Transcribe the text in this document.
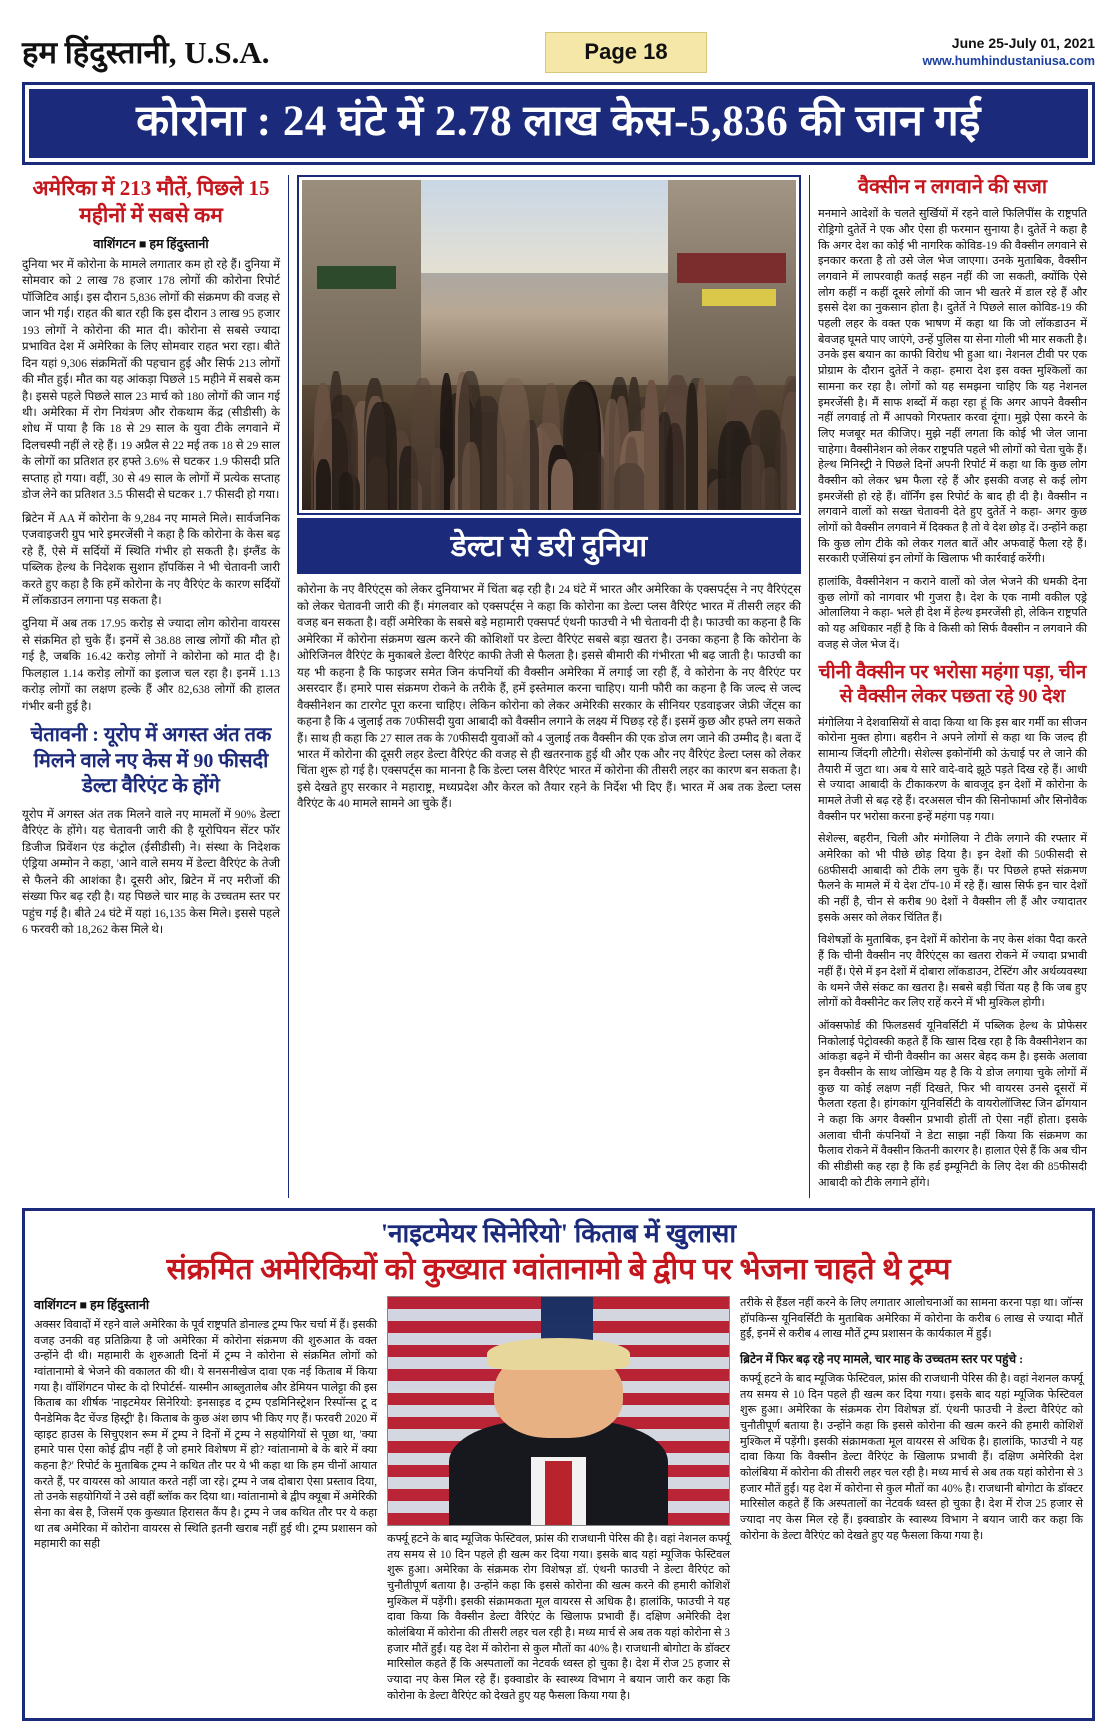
हम हिंदुस्तानी, U.S.A.	Page 18	June 25-July 01, 2021
www.humhindustaniusa.com
कोरोना : 24 घंटे में 2.78 लाख केस-5,836 की जान गई
अमेरिका में 213 मौतें, पिछले 15 महीनों में सबसे कम
वाशिंगटन ■ हम हिंदुस्तानी

दुनिया भर में कोरोना के मामले लगातार कम हो रहे हैं। दुनिया में सोमवार को 2 लाख 78 हजार 178 लोगों की कोरोना रिपोर्ट पॉजिटिव आई। इस दौरान 5,836 लोगों की संक्रमण की वजह से जान भी गई। राहत की बात रही कि इस दौरान 3 लाख 95 हजार 193 लोगों ने कोरोना की मात दी। कोरोना से सबसे ज्यादा प्रभावित देश में अमेरिका के लिए सोमवार राहत भरा रहा। बीते दिन यहां 9,306 संक्रमितों की पहचान हुई और सिर्फ 213 लोगों की मौत हुई। मौत का यह आंकड़ा पिछले 15 महीने में सबसे कम है। इससे पहले पिछले साल 23 मार्च को 180 लोगों की जान गई थी। अमेरिका में रोग नियंत्रण और रोकथाम केंद्र (सीडीसी) के शोध में पाया है कि 18 से 29 साल के युवा टीके लगवाने में दिलचस्पी नहीं ले रहे हैं। 19 अप्रैल से 22 मई तक 18 से 29 साल के लोगों का प्रतिशत हर हफ्ते 3.6% से घटकर 1.9 फीसदी प्रति सप्ताह हो गया। वहीं, 30 से 49 साल के लोगों में प्रत्येक सप्ताह डोज लेने का प्रतिशत 3.5 फीसदी से घटकर 1.7 फीसदी हो गया।

ब्रिटेन में AA में कोरोना के 9,284 नए मामले मिले। सार्वजनिक एजवाइजरी ग्रुप भारे इमरजेंसी ने कहा है कि कोरोना के केस बढ़ रहे हैं, ऐसे में सर्दियों में स्थिति गंभीर हो सकती है। इंग्लैंड के पब्लिक हेल्थ के निदेशक सुशान हॉपकिंस ने भी चेतावनी जारी करते हुए कहा है कि हमें कोरोना के नए वैरिएंट के कारण सर्दियों में लॉकडाउन लगाना पड़ सकता है।

दुनिया में अब तक 17.95 करोड़ से ज्यादा लोग कोरोना वायरस से संक्रमित हो चुके हैं। इनमें से 38.88 लाख लोगों की मौत हो गई है, जबकि 16.42 करोड़ लोगों ने कोरोना को मात दी है। फिलहाल 1.14 करोड़ लोगों का इलाज चल रहा है। इनमें 1.13 करोड़ लोगों का लक्षण हल्के हैं और 82,638 लोगों की हालत गंभीर बनी हुई है।

चेतावनी : यूरोप में अगस्त अंत तक मिलने वाले नए केस में 90 फीसदी डेल्टा वैरिएंट के होंगे

यूरोप में अगस्त अंत तक मिलने वाले नए मामलों में 90% डेल्टा वैरिएंट के होंगे। यह चेतावनी जारी की है यूरोपियन सेंटर फॉर डिजीज प्रिवेंशन एंड कंट्रोल (ईसीडीसी) ने। संस्था के निदेशक एंड्रिया अम्मोन ने कहा, 'आने वाले समय में डेल्टा वैरिएंट के तेजी से फैलने की आशंका है। दूसरी ओर, ब्रिटेन में नए मरीजों की संख्या फिर बढ़ रही है। यह पिछले चार माह के उच्चतम स्तर पर पहुंच गई है। बीते 24 घंटे में यहां 16,135 केस मिले। इससे पहले 6 फरवरी को 18,262 केस मिले थे।

डेल्टा से डरी दुनिया

कोरोना के नए वैरिएंट्स को लेकर दुनियाभर में चिंता बढ़ रही है। 24 घंटे में भारत और अमेरिका के एक्सपर्ट्स ने नए वैरिएंट्स को लेकर चेतावनी जारी की हैं। मंगलवार को एक्सपर्ट्स ने कहा कि कोरोना का डेल्टा प्लस वैरिएंट भारत में तीसरी लहर की वजह बन सकता है। वहीं अमेरिका के सबसे बड़े महामारी एक्सपर्ट एंथनी फाउची ने भी चेतावनी दी है। फाउची का कहना है कि अमेरिका में कोरोना संक्रमण खत्म करने की कोशिशों पर डेल्टा वैरिएंट सबसे बड़ा खतरा है। उनका कहना है कि कोरोना के ओरिजिनल वैरिएंट के मुकाबले डेल्टा वैरिएंट काफी तेजी से फैलता है। इससे बीमारी की गंभीरता भी बढ़ जाती है। फाउची का यह भी कहना है कि फाइजर समेत जिन कंपनियों की वैक्सीन अमेरिका में लगाई जा रही हैं, वे कोरोना के नए वैरिएंट पर असरदार हैं। हमारे पास संक्रमण रोकने के तरीके हैं, हमें इस्तेमाल करना चाहिए। यानी फौरी का कहना है कि जल्द से जल्द वैक्सीनेशन का टारगेट पूरा करना चाहिए। लेकिन कोरोना को लेकर अमेरिकी सरकार के सीनियर एडवाइजर जेफ्री जेंट्स का कहना है कि 4 जुलाई तक 70फीसदी युवा आबादी को वैक्सीन लगाने के लक्ष्य में पिछड़ रहे हैं। इसमें कुछ और हफ्ते लग सकते हैं। साथ ही कहा कि 27 साल तक के 70फीसदी युवाओं को 4 जुलाई तक वैक्सीन की एक डोज लग जाने की उम्मीद है। बता दें भारत में कोरोना की दूसरी लहर डेल्टा वैरिएंट की वजह से ही खतरनाक हुई थी और एक और नए वैरिएंट डेल्टा प्लस को लेकर चिंता शुरू हो गई है। एक्सपर्ट्स का मानना है कि डेल्टा प्लस वैरिएंट भारत में कोरोना की तीसरी लहर का कारण बन सकता है। इसे देखते हुए सरकार ने महाराष्ट्र, मध्यप्रदेश और केरल को तैयार रहने के निर्देश भी दिए हैं। भारत में अब तक डेल्टा प्लस वैरिएंट के 40 मामले सामने आ चुके हैं।

वैक्सीन न लगवाने की सजा

मनमाने आदेशों के चलते सुर्खियों में रहने वाले फिलिपींस के राष्ट्रपति रोड्रिगो दुतेर्ते ने एक और ऐसा ही फरमान सुनाया है। दुतेर्ते ने कहा है कि अगर देश का कोई भी नागरिक कोविड-19 की वैक्सीन लगवाने से इनकार करता है तो उसे जेल भेज जाएगा। उनके मुताबिक, वैक्सीन लगवाने में लापरवाही कतई सहन नहीं की जा सकती, क्योंकि ऐसे लोग कहीं न कहीं दूसरे लोगों की जान भी खतरे में डाल रहे हैं और इससे देश का नुकसान होता है। दुतेर्ते ने पिछले साल कोविड-19 की पहली लहर के वक्त एक भाषण में कहा था कि जो लॉकडाउन में बेवजह घूमते पाए जाएंगे, उन्हें पुलिस या सेना गोली भी मार सकती है। उनके इस बयान का काफी विरोध भी हुआ था। नेशनल टीवी पर एक प्रोग्राम के दौरान दुतेर्ते ने कहा- हमारा देश इस वक्त मुश्किलों का सामना कर रहा है। लोगों को यह समझना चाहिए कि यह नेशनल इमरजेंसी है। मैं साफ शब्दों में कहा रहा हूं कि अगर आपने वैक्सीन नहीं लगवाई तो मैं आपको गिरफ्तार करवा दूंगा। मुझे ऐसा करने के लिए मजबूर मत कीजिए। मुझे नहीं लगता कि कोई भी जेल जाना चाहेगा। वैक्सीनेशन को लेकर राष्ट्रपति पहले भी लोगों को चेता चुके हैं। हेल्थ मिनिस्ट्री ने पिछले दिनों अपनी रिपोर्ट में कहा था कि कुछ लोग वैक्सीन को लेकर भ्रम फैला रहे हैं और इसकी वजह से कई लोग इमरजेंसी हो रहे हैं। वॉर्निंग इस रिपोर्ट के बाद ही दी है। वैक्सीन न लगवाने वालों को सख्त चेतावनी देते हुए दुतेर्ते ने कहा- अगर कुछ लोगों को वैक्सीन लगवाने में दिक्कत है तो वे देश छोड़ दें। उन्होंने कहा कि कुछ लोग टीके को लेकर गलत बातें और अफवाहें फैला रहे हैं। सरकारी एजेंसियां इन लोगों के खिलाफ भी कार्रवाई करेंगी।

हालांकि, वैक्सीनेशन न कराने वालों को जेल भेजने की धमकी देना कुछ लोगों को नागवार भी गुजरा है। देश के एक नामी वकील एड्रे ओलालिया ने कहा- भले ही देश में हेल्थ इमरजेंसी हो, लेकिन राष्ट्रपति को यह अधिकार नहीं है कि वे किसी को सिर्फ वैक्सीन न लगवाने की वजह से जेल भेज दें।

चीनी वैक्सीन पर भरोसा महंगा पड़ा, चीन से वैक्सीन लेकर पछता रहे 90 देश

मंगोलिया ने देशवासियों से वादा किया था कि इस बार गर्मी का सीजन कोरोना मुक्त होगा। बहरीन ने अपने लोगों से कहा था कि जल्द ही सामान्य जिंदगी लौटेगी। सेशेल्स इकोनॉमी को ऊंचाई पर ले जाने की तैयारी में जुटा था। अब ये सारे वादे-वादे झूठे पड़ते दिख रहे हैं। आधी से ज्यादा आबादी के टीकाकरण के बावजूद इन देशों में कोरोना के मामले तेजी से बढ़ रहे हैं। दरअसल चीन की सिनोफार्मा और सिनोवैक वैक्सीन पर भरोसा करना इन्हें महंगा पड़ गया।

सेशेल्स, बहरीन, चिली और मंगोलिया ने टीके लगाने की रफ्तार में अमेरिका को भी पीछे छोड़ दिया है। इन देशों की 50फीसदी से 68फीसदी आबादी को टीके लग चुके हैं। पर पिछले हफ्ते संक्रमण फैलने के मामले में ये देश टॉप-10 में रहे हैं। खास सिर्फ इन चार देशों की नहीं है, चीन से करीब 90 देशों ने वैक्सीन ली हैं और ज्यादातर इसके असर को लेकर चिंतित हैं।

विशेषज्ञों के मुताबिक, इन देशों में कोरोना के नए केस शंका पैदा करते हैं कि चीनी वैक्सीन नए वैरिएंट्स का खतरा रोकने में ज्यादा प्रभावी नहीं हैं। ऐसे में इन देशों में दोबारा लॉकडाउन, टेस्टिंग और अर्थव्यवस्था के थमने जैसे संकट का खतरा है। सबसे बड़ी चिंता यह है कि जब हुए लोगों को वैक्सीनेट कर लिए राहें करने में भी मुश्किल होगी।

ऑक्सफोर्ड की फिलडसर्व यूनिवर्सिटी में पब्लिक हेल्थ के प्रोफेसर निकोलाई पेट्रोवस्की कहते हैं कि खास दिख रहा है कि वैक्सीनेशन का आंकड़ा बढ़ने में चीनी वैक्सीन का असर बेहद कम है। इसके अलावा इन वैक्सीन के साथ जोखिम यह है कि ये डोज लगाया चुके लोगों में कुछ या कोई लक्षण नहीं दिखते, फिर भी वायरस उनसे दूसरों में फैलता रहता है। हांगकांग यूनिवर्सिटी के वायरोलॉजिस्ट जिन ढोंगयान ने कहा कि अगर वैक्सीन प्रभावी होतीं तो ऐसा नहीं होता। इसके अलावा चीनी कंपनियों ने डेटा साझा नहीं किया कि संक्रमण का फैलाव रोकने में वैक्सीन कितनी कारगर है। हालात ऐसे हैं कि अब चीन की सीडीसी कह रहा है कि हर्ड इम्यूनिटी के लिए देश की 85फीसदी आबादी को टीके लगाने होंगे।

'नाइटमेयर सिनेरियो' किताब में खुलासा
संक्रमित अमेरिकियों को कुख्यात ग्वांतानामो बे द्वीप पर भेजना चाहते थे ट्रम्प
वाशिंगटन ■ हम हिंदुस्तानी

अक्सर विवादों में रहने वाले अमेरिका के पूर्व राष्ट्रपति डोनाल्ड ट्रम्प फिर चर्चा में हैं। इसकी वजह उनकी वह प्रतिक्रिया है जो अमेरिका में कोरोना संक्रमण की शुरुआत के वक्त उन्होंने दी थी। महामारी के शुरुआती दिनों में ट्रम्प ने कोरोना से संक्रमित लोगों को ग्वांतानामो बे भेजने की वकालत की थी। ये सनसनीखेज दावा एक नई किताब में किया गया है। वॉशिंगटन पोस्ट के दो रिपोर्टर्स- यास्मीन आब्लुतालेब और डेमियन पालेट्टा की इस किताब का शीर्षक 'नाइटमेयर सिनेरियो: इनसाइड द ट्रम्प एडमिनिस्ट्रेशन रिस्पॉन्स टू द पैनडेमिक दैट चेंज्ड हिस्ट्री' है। किताब के कुछ अंश छाप भी किए गए हैं। फरवरी 2020 में व्हाइट हाउस के सिचुएशन रूम में ट्रम्प ने दिनों में ट्रम्प ने सहयोगियों से पूछा था, 'क्या हमारे पास ऐसा कोई द्वीप नहीं है जो हमारे विशेषण में हो? ग्वांतानामो बे के बारे में क्या कहना है?' रिपोर्ट के मुताबिक ट्रम्प ने कथित तौर पर ये भी कहा था कि हम चीनों आयात करते हैं, पर वायरस को आयात करते नहीं जा रहे। ट्रम्प ने जब दोबारा ऐसा प्रस्ताव दिया, तो उनके सहयोगियों ने उसे वहीं ब्लॉक कर दिया था। ग्वांतानामो बे द्वीप क्यूबा में अमेरिकी सेना का बेस है, जिसमें एक कुख्यात हिरासत कैंप है। ट्रम्प ने जब कथित तौर पर ये कहा था तब अमेरिका में कोरोना वायरस से स्थिति इतनी खराब नहीं हुई थी। ट्रम्प प्रशासन को महामारी का सही	कर्फ्यू हटने के बाद म्यूजिक फेस्टिवल, फ्रांस की राजधानी पेरिस की है। वहां नेशनल कर्फ्यू तय समय से 10 दिन पहले ही खत्म कर दिया गया। इसके बाद यहां म्यूजिक फेस्टिवल शुरू हुआ। अमेरिका के संक्रमक रोग विशेषज्ञ डॉ. एंथनी फाउची ने डेल्टा वैरिएंट को चुनौतीपूर्ण बताया है। उन्होंने कहा कि इससे कोरोना की खत्म करने की हमारी कोशिशें मुश्किल में पड़ेंगी। इसकी संक्रामकता मूल वायरस से अधिक है। हालांकि, फाउची ने यह दावा किया कि वैक्सीन डेल्टा वैरिएंट के खिलाफ प्रभावी हैं। दक्षिण अमेरिकी देश कोलंबिया में कोरोना की तीसरी लहर चल रही है। मध्य मार्च से अब तक यहां कोरोना से 3 हजार मौतें हुईं। यह देश में कोरोना से कुल मौतों का 40% है। राजधानी बोगोटा के डॉक्टर मारिसोल कहते हैं कि अस्पतालों का नेटवर्क ध्वस्त हो चुका है। देश में रोज 25 हजार से ज्यादा नए केस मिल रहे हैं। इक्वाडोर के स्वास्थ्य विभाग ने बयान जारी कर कहा कि कोरोना के डेल्टा वैरिएंट को देखते हुए यह फैसला किया गया है।

तरीके से हैंडल नहीं करने के लिए लगातार आलोचनाओं का सामना करना पड़ा था। जॉन्स हॉपकिन्स यूनिवर्सिटी के मुताबिक अमेरिका में कोरोना के करीब 6 लाख से ज्यादा मौतें हुईं, इनमें से करीब 4 लाख मौतें ट्रम्प प्रशासन के कार्यकाल में हुईं।

ब्रिटेन में फिर बढ़ रहे नए मामले, चार माह के उच्चतम स्तर पर पहुंचे :

कर्फ्यू हटने के बाद म्यूजिक फेस्टिवल, फ्रांस की राजधानी पेरिस की है। वहां नेशनल कर्फ्यू तय समय से 10 दिन पहले ही खत्म कर दिया गया। इसके बाद यहां म्यूजिक फेस्टिवल शुरू हुआ। अमेरिका के संक्रमक रोग विशेषज्ञ डॉ. एंथनी फाउची ने डेल्टा वैरिएंट को चुनौतीपूर्ण बताया है। उन्होंने कहा कि इससे कोरोना की खत्म करने की हमारी कोशिशें मुश्किल में पड़ेंगी। इसकी संक्रामकता मूल वायरस से अधिक है। हालांकि, फाउची ने यह दावा किया कि वैक्सीन डेल्टा वैरिएंट के खिलाफ प्रभावी हैं। दक्षिण अमेरिकी देश कोलंबिया में कोरोना की तीसरी लहर चल रही है। मध्य मार्च से अब तक यहां कोरोना से 3 हजार मौतें हुईं। यह देश में कोरोना से कुल मौतों का 40% है। राजधानी बोगोटा के डॉक्टर मारिसोल कहते हैं कि अस्पतालों का नेटवर्क ध्वस्त हो चुका है। देश में रोज 25 हजार से ज्यादा नए केस मिल रहे हैं। इक्वाडोर के स्वास्थ्य विभाग ने बयान जारी कर कहा कि कोरोना के डेल्टा वैरिएंट को देखते हुए यह फैसला किया गया है।
